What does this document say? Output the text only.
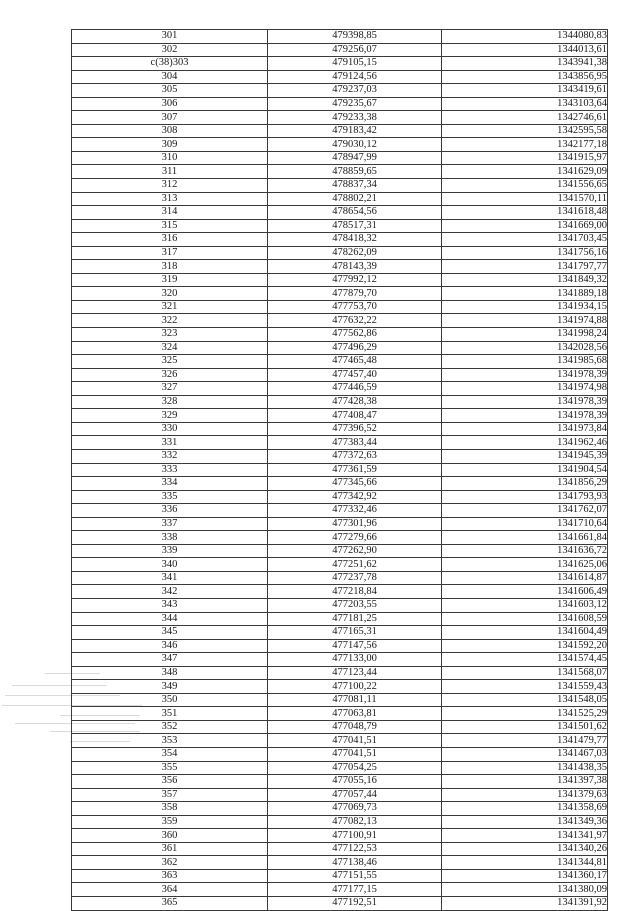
301	479398,85	1344080,83
302	479256,07	1344013,61
c(38)303	479105,15	1343941,38
304	479124,56	1343856,95
305	479237,03	1343419,61
306	479235,67	1343103,64
307	479233,38	1342746,61
308	479183,42	1342595,58
309	479030,12	1342177,18
310	478947,99	1341915,97
311	478859,65	1341629,09
312	478837,34	1341556,65
313	478802,21	1341570,11
314	478654,56	1341618,48
315	478517,31	1341669,00
316	478418,32	1341703,45
317	478262,09	1341756,16
318	478143,39	1341797,77
319	477992,12	1341849,32
320	477879,70	1341889,18
321	477753,70	1341934,15
322	477632,22	1341974,88
323	477562,86	1341998,24
324	477496,29	1342028,56
325	477465,48	1341985,68
326	477457,40	1341978,39
327	477446,59	1341974,98
328	477428,38	1341978,39
329	477408,47	1341978,39
330	477396,52	1341973,84
331	477383,44	1341962,46
332	477372,63	1341945,39
333	477361,59	1341904,54
334	477345,66	1341856,29
335	477342,92	1341793,93
336	477332,46	1341762,07
337	477301,96	1341710,64
338	477279,66	1341661,84
339	477262,90	1341636,72
340	477251,62	1341625,06
341	477237,78	1341614,87
342	477218,84	1341606,49
343	477203,55	1341603,12
344	477181,25	1341608,59
345	477165,31	1341604,49
346	477147,56	1341592,20
347	477133,00	1341574,45
348	477123,44	1341568,07
349	477100,22	1341559,43
350	477081,11	1341548,05
351	477063,81	1341525,29
352	477048,79	1341501,62
353	477041,51	1341479,77
354	477041,51	1341467,03
355	477054,25	1341438,35
356	477055,16	1341397,38
357	477057,44	1341379,63
358	477069,73	1341358,69
359	477082,13	1341349,36
360	477100,91	1341341,97
361	477122,53	1341340,26
362	477138,46	1341344,81
363	477151,55	1341360,17
364	477177,15	1341380,09
365	477192,51	1341391,92
